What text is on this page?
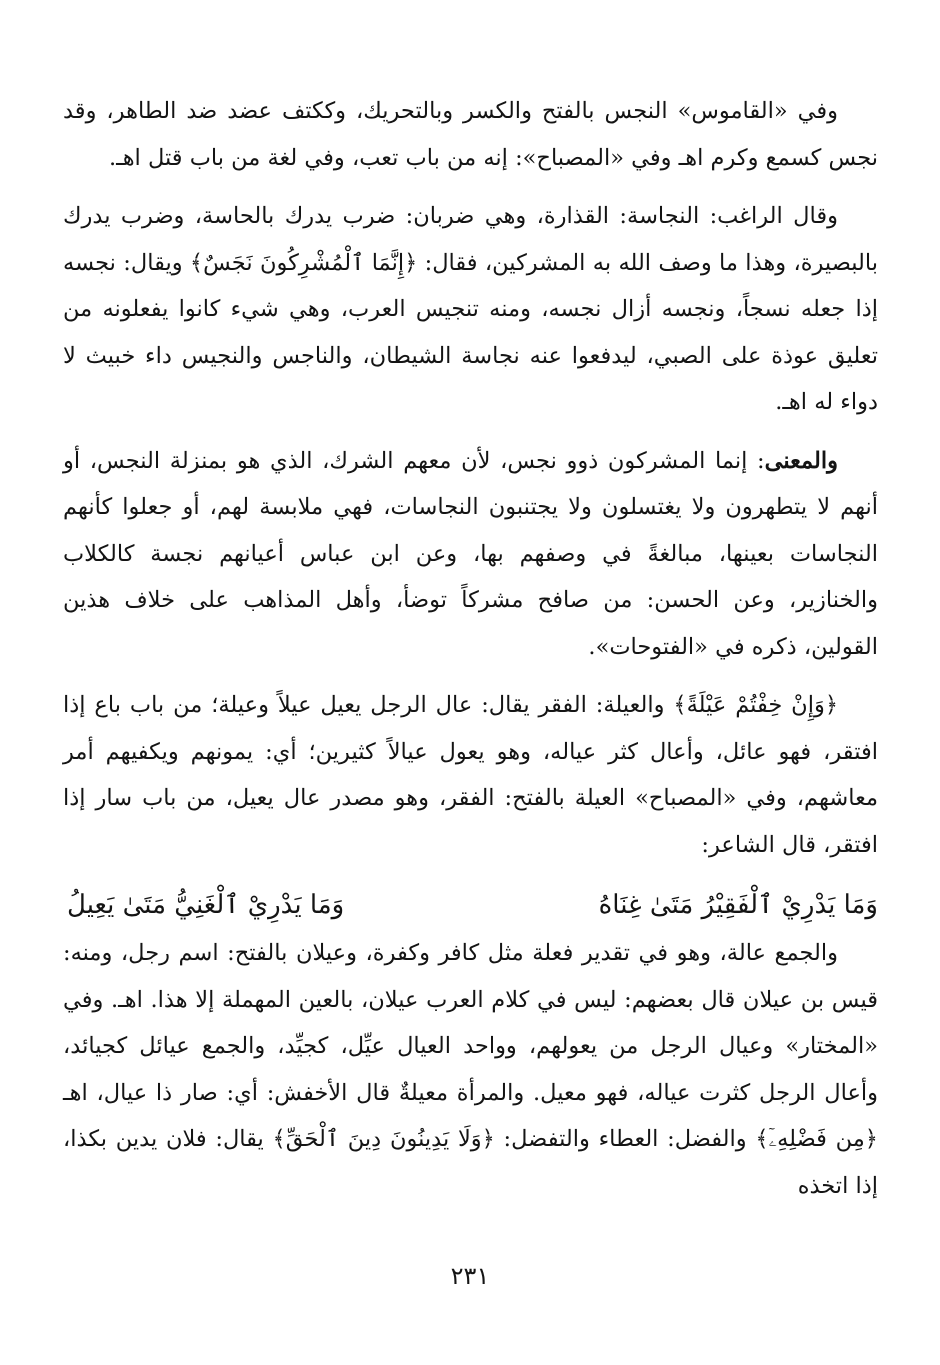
وفي «القاموس» النجس بالفتح والكسر وبالتحريك، وككتف عضد ضد الطاهر، وقد نجس كسمع وكرم اهـ وفي «المصباح»: إنه من باب تعب، وفي لغة من باب قتل اهـ.

وقال الراغب: النجاسة: القذارة، وهي ضربان: ضرب يدرك بالحاسة، وضرب يدرك بالبصيرة، وهذا ما وصف الله به المشركين، فقال: ﴿إِنَّمَا ٱلْمُشْرِكُونَ نَجَسٌ﴾ ويقال: نجسه إذا جعله نسجاً، ونجسه أزال نجسه، ومنه تنجيس العرب، وهي شيء كانوا يفعلونه من تعليق عوذة على الصبي، ليدفعوا عنه نجاسة الشيطان، والناجس والنجيس داء خبيث لا دواء له اهـ.

والمعنى: إنما المشركون ذوو نجس، لأن معهم الشرك، الذي هو بمنزلة النجس، أو أنهم لا يتطهرون ولا يغتسلون ولا يجتنبون النجاسات، فهي ملابسة لهم، أو جعلوا كأنهم النجاسات بعينها، مبالغةً في وصفهم بها، وعن ابن عباس أعيانهم نجسة كالكلاب والخنازير، وعن الحسن: من صافح مشركاً توضأ، وأهل المذاهب على خلاف هذين القولين، ذكره في «الفتوحات».

﴿وَإِنْ خِفْتُمْ عَيْلَةً﴾ والعيلة: الفقر يقال: عال الرجل يعيل عيلاً وعيلة؛ من باب باع إذا افتقر، فهو عائل، وأعال كثر عياله، وهو يعول عيالاً كثيرين؛ أي: يمونهم ويكفيهم أمر معاشهم، وفي «المصباح» العيلة بالفتح: الفقر، وهو مصدر عال يعيل، من باب سار إذا افتقر، قال الشاعر:

وَمَا يَدْرِيْ ٱلْفَقِيْرُ مَتَىٰ غِنَاهُ
وَمَا يَدْرِيْ ٱلْغَنِيُّ مَتَىٰ يَعِيلُ

والجمع عالة، وهو في تقدير فعلة مثل كافر وكفرة، وعيلان بالفتح: اسم رجل، ومنه: قيس بن عيلان قال بعضهم: ليس في كلام العرب عيلان، بالعين المهملة إلا هذا. اهـ. وفي «المختار» وعيال الرجل من يعولهم، وواحد العيال عيِّل، كجيِّد، والجمع عيائل كجيائد، وأعال الرجل كثرت عياله، فهو معيل. والمرأة معيلةٌ قال الأخفش: أي: صار ذا عيال، اهـ ﴿مِن فَضْلِهِۦٓ﴾ والفضل: العطاء والتفضل: ﴿وَلَا يَدِينُونَ دِينَ ٱلْحَقِّ﴾ يقال: فلان يدين بكذا، إذا اتخذه

٢٣١
